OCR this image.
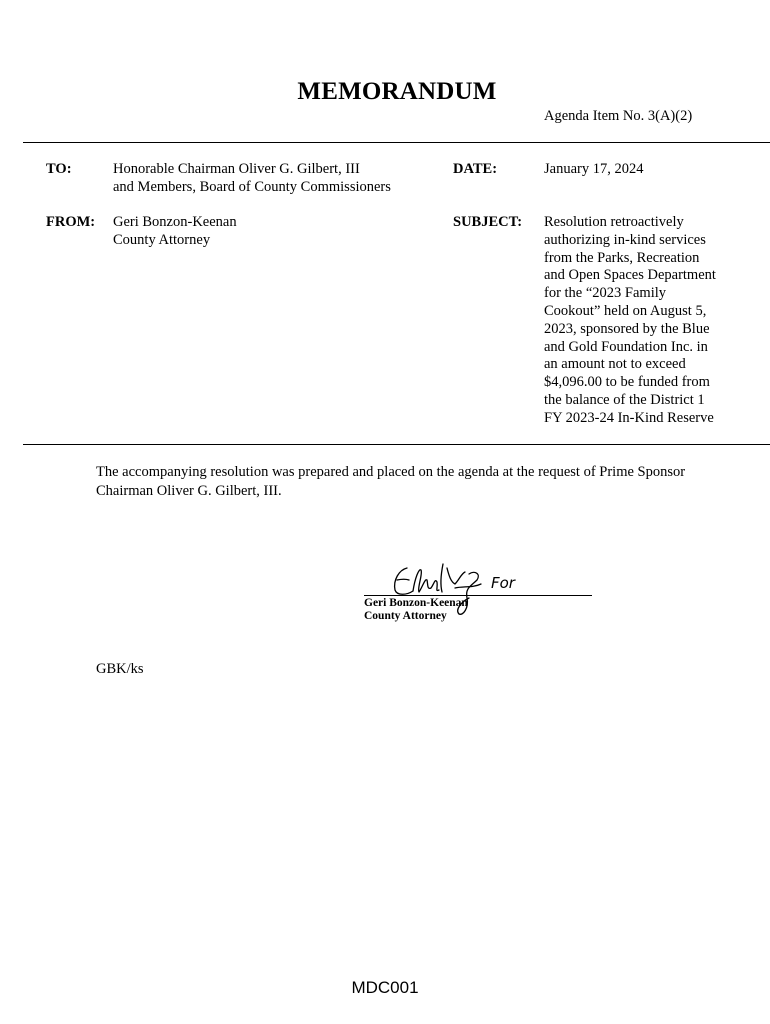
MEMORANDUM
Agenda Item No. 3(A)(2)
TO:	Honorable Chairman Oliver G. Gilbert, III
and Members, Board of County Commissioners
DATE:	January 17, 2024
FROM: Geri Bonzon-Keenan
County Attorney
SUBJECT: Resolution retroactively
authorizing in-kind services
from the Parks, Recreation
and Open Spaces Department
for the “2023 Family
Cookout” held on August 5,
2023, sponsored by the Blue
and Gold Foundation Inc. in
an amount not to exceed
$4,096.00 to be funded from
the balance of the District 1
FY 2023-24 In-Kind Reserve
The accompanying resolution was prepared and placed on the agenda at the request of Prime Sponsor
Chairman Oliver G. Gilbert, III.
For
Geri Bonzon-Keenan
County Attorney
GBK/ks
MDC001
